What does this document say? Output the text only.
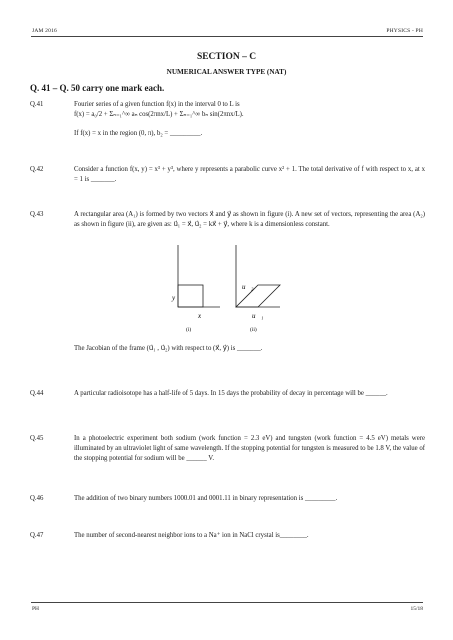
JAM 2016	PHYSICS - PH
SECTION – C
NUMERICAL ANSWER TYPE (NAT)
Q. 41 – Q. 50 carry one mark each.
Q.41	Fourier series of a given function f(x) in the interval 0 to L is
f(x) = a₀/2 + Σₙ₌₁^∞ aₙ cos(2πnx/L) + Σₙ₌₁^∞ bₙ sin(2πnx/L).
If f(x) = x in the region (0, π), b₂ = _________.
Q.42	Consider a function f(x, y) = x³ + y³, where y represents a parabolic curve x² + 1. The total derivative of f with respect to x, at x = 1 is _______.
Q.43	A rectangular area (A₁) is formed by two vectors x⃗ and y⃗ as shown in figure (i). A new set of vectors, representing the area (A₂) as shown in figure (ii), are given as: u⃗₁ = x⃗, u⃗₂ = kx⃗ + y⃗, where k is a dimensionless constant.
y⃗
x⃗
(i)
u⃗₂
u⃗₁
(ii)
The Jacobian of the frame (u⃗₁ , u⃗₂) with respect to (x⃗, y⃗) is _______.
Q.44	A particular radioisotope has a half-life of 5 days. In 15 days the probability of decay in percentage will be ______.
Q.45	In a photoelectric experiment both sodium (work function = 2.3 eV) and tungsten (work function = 4.5 eV) metals were illuminated by an ultraviolet light of same wavelength. If the stopping potential for tungsten is measured to be 1.8 V, the value of the stopping potential for sodium will be ______ V.
Q.46	The addition of two binary numbers 1000.01 and 0001.11 in binary representation is _________.
Q.47	The number of second-nearest neighbor ions to a Na⁺ ion in NaCl crystal is________.
PH	15/18
